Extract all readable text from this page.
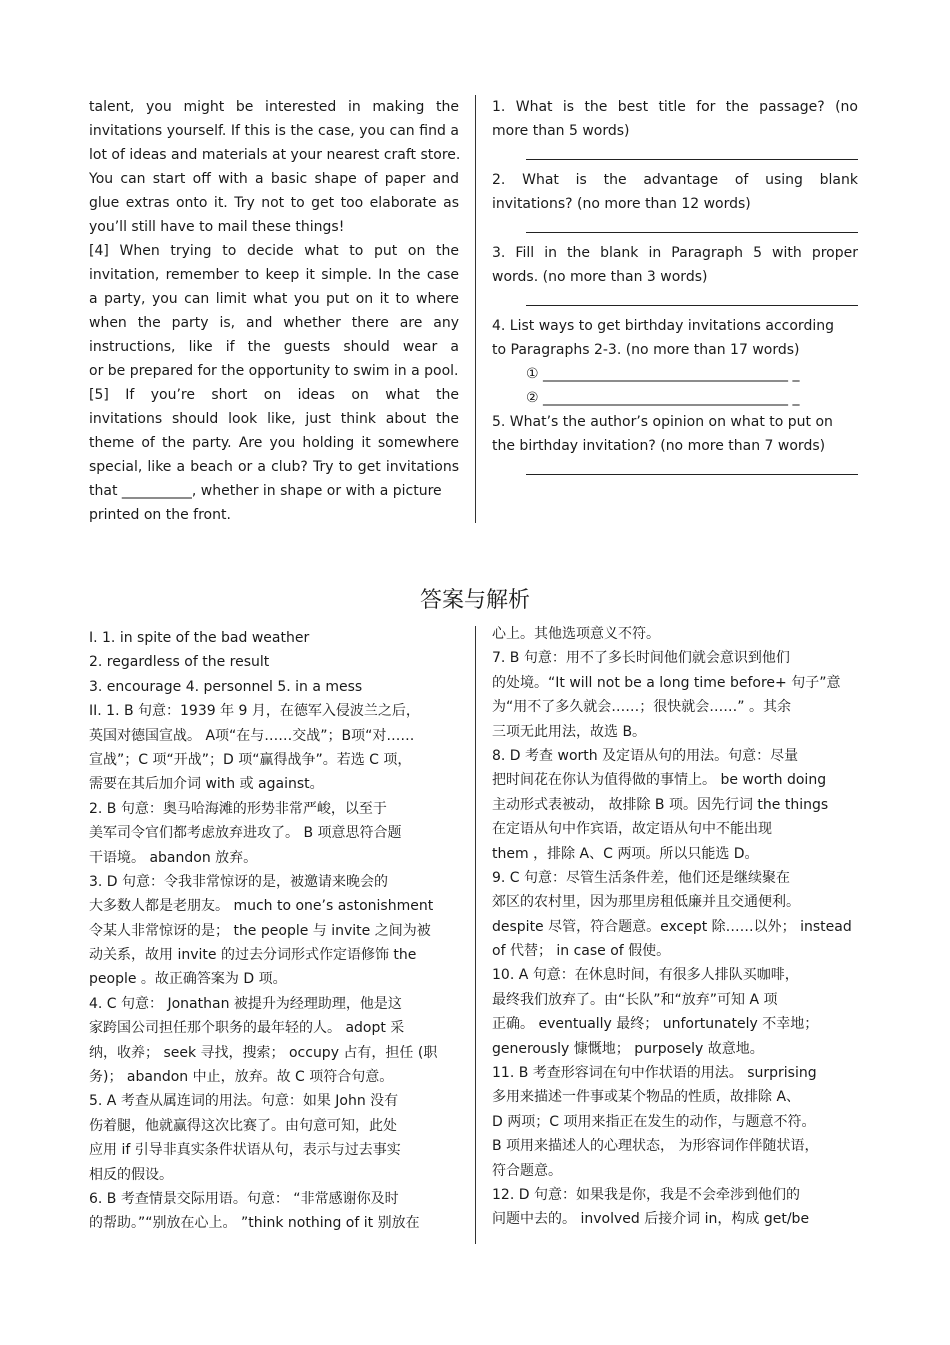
talent, you might be interested in making the
invitations yourself. If this is the case, you can find a
lot of ideas and materials at your nearest craft store.
You can start off with a basic shape of paper and
glue extras onto it. Try not to get too elaborate as
you’ll still have to mail these things!
[4] When trying to decide what to put on the
invitation, remember to keep it simple. In the case
a party, you can limit what you put on it to where
when the party is, and whether there are any
instructions, like if the guests should wear a
or be prepared for the opportunity to swim in a pool.
[5] If you’re short on ideas on what the
invitations should look like, just think about the
theme of the party. Are you holding it somewhere
special, like a beach or a club? Try to get invitations
that __________, whether in shape or with a picture
printed on the front.
1. What is the best title for the passage? (no
more than 5 words)
2. What is the advantage of using blank
invitations? (no more than 12 words)
3. Fill in the blank in Paragraph 5 with proper
words. (no more than 3 words)
4. List ways to get birthday invitations according
to Paragraphs 2-3. (no more than 17 words)
① ___________________________________ _
② ___________________________________ _
5. What’s the author’s opinion on what to put on
the birthday invitation? (no more than 7 words)
答案与解析
I. 1. in spite of the bad weather
2. regardless of the result
3. encourage 4. personnel 5. in a mess
II. 1. B 句意：1939 年 9 月，在德军入侵波兰之后，
英国对德国宣战。 A项“在与……交战”；B项“对……
宣战”；C 项“开战”；D 项“赢得战争”。若选 C 项，
需要在其后加介词 with 或 against。
2. B 句意：奥马哈海滩的形势非常严峻，以至于
美军司令官们都考虑放弃进攻了。 B 项意思符合题
干语境。 abandon 放弃。
3. D 句意：令我非常惊讶的是，被邀请来晚会的
大多数人都是老朋友。 much to one’s astonishment
令某人非常惊讶的是； the people 与 invite 之间为被
动关系，故用 invite 的过去分词形式作定语修饰 the
people 。故正确答案为 D 项。
4. C 句意： Jonathan 被提升为经理助理，他是这
家跨国公司担任那个职务的最年轻的人。 adopt 采
纳，收养； seek 寻找，搜索； occupy 占有，担任 (职
务)； abandon 中止，放弃。故 C 项符合句意。
5. A 考查从属连词的用法。句意：如果 John 没有
伤着腿，他就赢得这次比赛了。由句意可知，此处
应用 if 引导非真实条件状语从句，表示与过去事实
相反的假设。
6. B 考查情景交际用语。句意： “非常感谢你及时
的帮助。”“别放在心上。 ”think nothing of it 别放在
心上。其他选项意义不符。
7. B 句意：用不了多长时间他们就会意识到他们
的处境。“It will not be a long time before+ 句子”意
为“用不了多久就会……；很快就会……” 。其余
三项无此用法，故选 B。
8. D 考查 worth 及定语从句的用法。句意：尽量
把时间花在你认为值得做的事情上。 be worth doing
主动形式表被动， 故排除 B 项。因先行词 the things
在定语从句中作宾语，故定语从句中不能出现
them ，排除 A、C 两项。所以只能选 D。
9. C 句意：尽管生活条件差，他们还是继续聚在
郊区的农村里，因为那里房租低廉并且交通便利。
despite 尽管，符合题意。except 除……以外； instead
of 代替； in case of 假使。
10. A 句意：在休息时间，有很多人排队买咖啡，
最终我们放弃了。由“长队”和“放弃”可知 A 项
正确。 eventually 最终； unfortunately 不幸地；
generously 慷慨地； purposely 故意地。
11. B 考查形容词在句中作状语的用法。 surprising
多用来描述一件事或某个物品的性质，故排除 A、
D 两项；C 项用来指正在发生的动作，与题意不符。
B 项用来描述人的心理状态， 为形容词作伴随状语，
符合题意。
12. D 句意：如果我是你，我是不会牵涉到他们的
问题中去的。 involved 后接介词 in，构成 get/be
